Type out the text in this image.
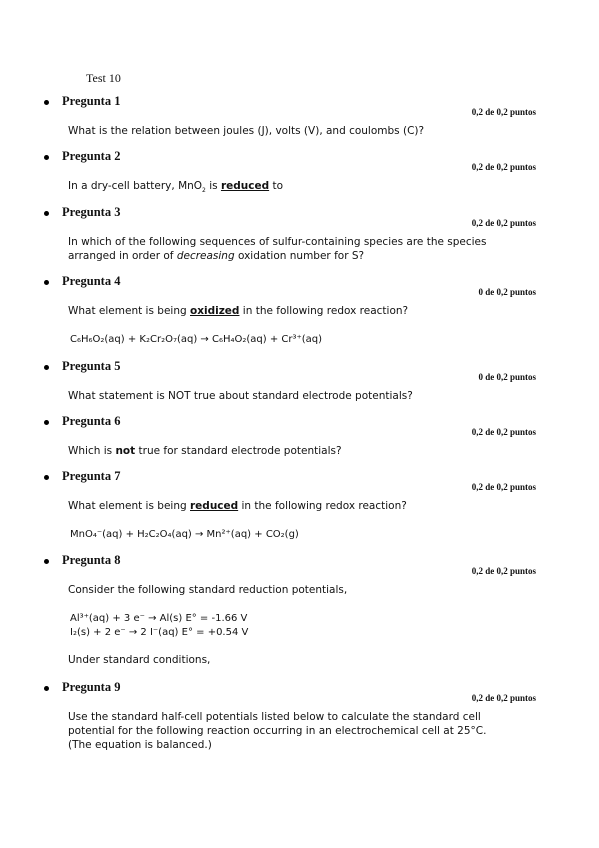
Test 10
Pregunta 1
0,2 de 0,2 puntos
What is the relation between joules (J), volts (V), and coulombs (C)?
Pregunta 2
0,2 de 0,2 puntos
In a dry-cell battery, MnO$_2$ is reduced to
Pregunta 3
0,2 de 0,2 puntos
In which of the following sequences of sulfur-containing species are the species
arranged in order of decreasing oxidation number for S?
Pregunta 4
0 de 0,2 puntos
What element is being oxidized in the following redox reaction?
C₆H₆O₂(aq) + K₂Cr₂O₇(aq) → C₆H₄O₂(aq) + Cr³⁺(aq)
Pregunta 5
0 de 0,2 puntos
What statement is NOT true about standard electrode potentials?
Pregunta 6
0,2 de 0,2 puntos
Which is not true for standard electrode potentials?
Pregunta 7
0,2 de 0,2 puntos
What element is being reduced in the following redox reaction?
MnO₄⁻(aq) + H₂C₂O₄(aq) → Mn²⁺(aq) + CO₂(g)
Pregunta 8
0,2 de 0,2 puntos
Consider the following standard reduction potentials,
Al³⁺(aq) + 3 e⁻ → Al(s) E° = -1.66 V
I₂(s) + 2 e⁻ → 2 I⁻(aq) E° = +0.54 V
Under standard conditions,
Pregunta 9
0,2 de 0,2 puntos
Use the standard half-cell potentials listed below to calculate the standard cell
potential for the following reaction occurring in an electrochemical cell at 25°C.
(The equation is balanced.)
